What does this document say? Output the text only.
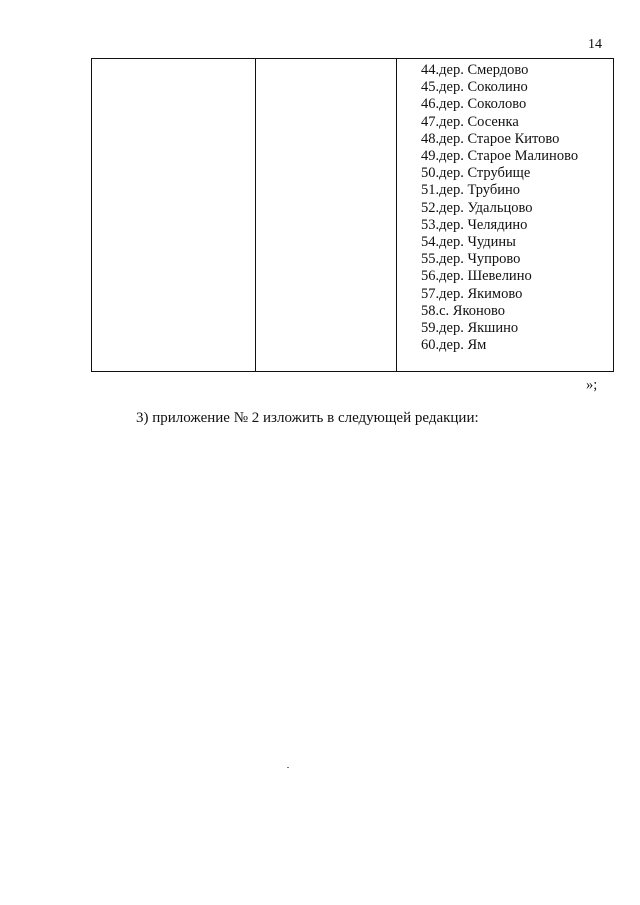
14

44.дер. Смердово
45.дер. Соколино
46.дер. Соколово
47.дер. Сосенка
48.дер. Старое Китово
49.дер. Старое Малиново
50.дер. Струбище
51.дер. Трубино
52.дер. Удальцово
53.дер. Челядино
54.дер. Чудины
55.дер. Чупрово
56.дер. Шевелино
57.дер. Якимово
58.с. Яконово
59.дер. Якшино
60.дер. Ям
»;
3) приложение № 2 изложить в следующей редакции:
